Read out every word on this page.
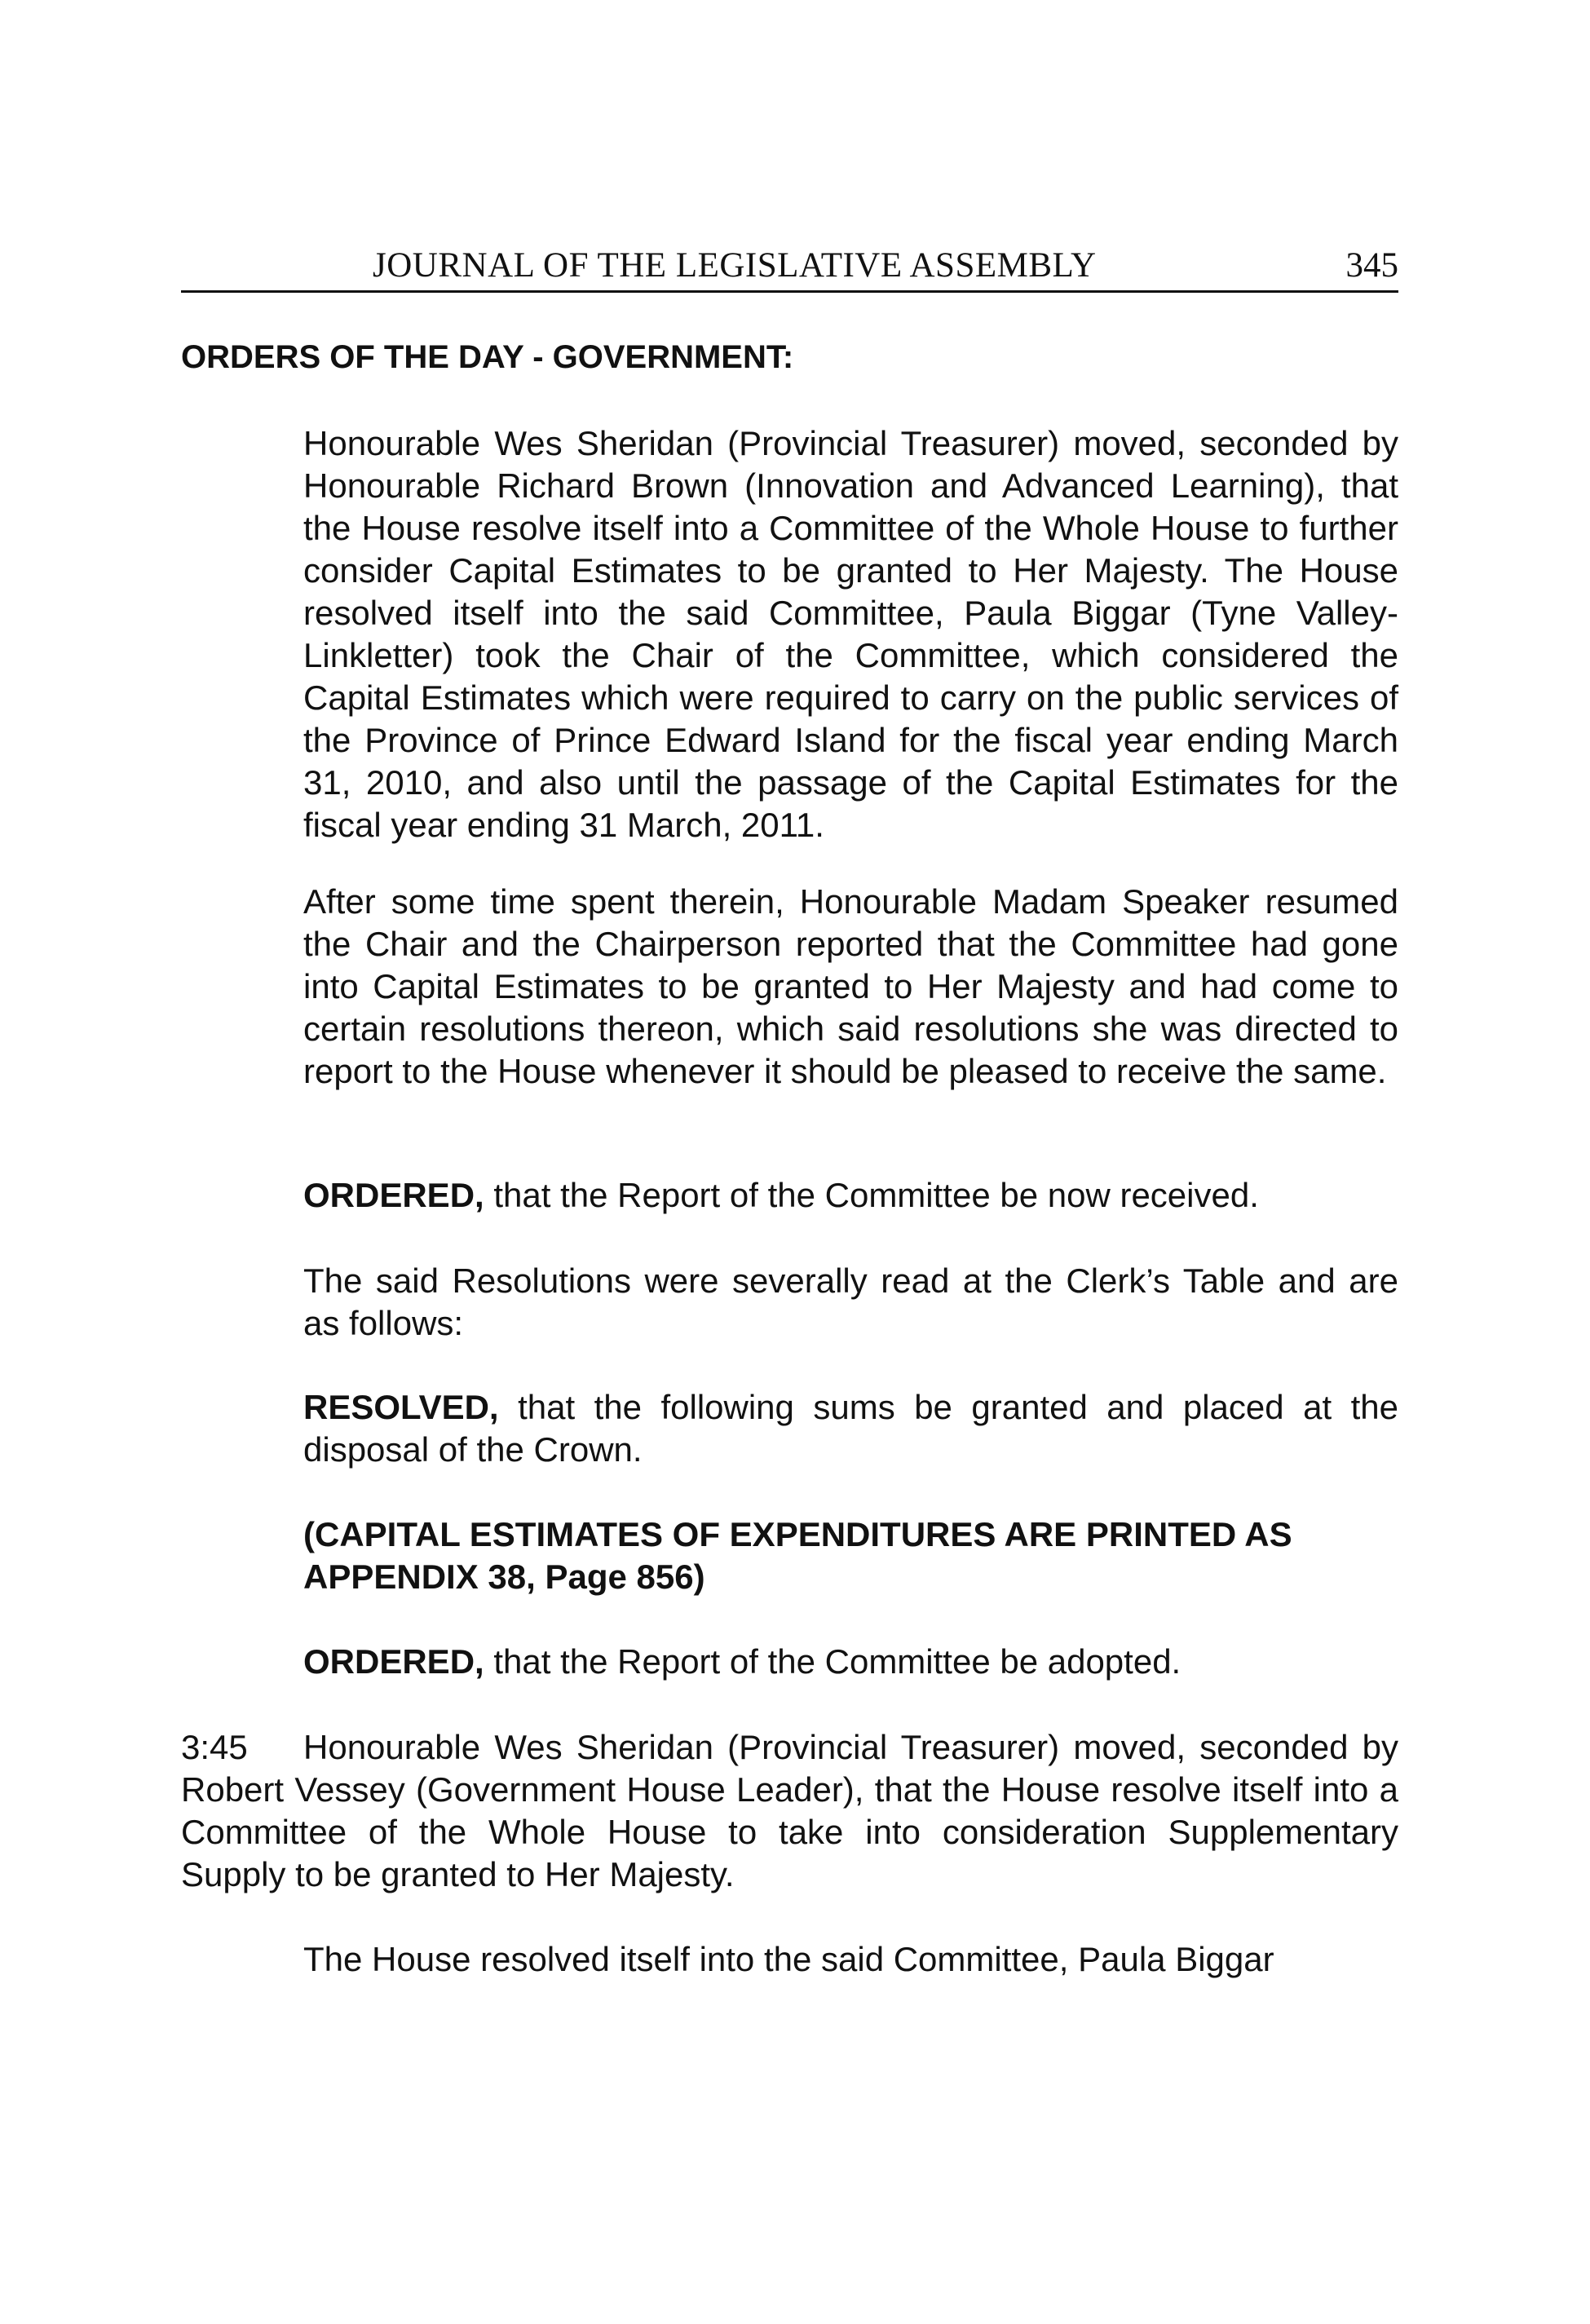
JOURNAL OF THE LEGISLATIVE ASSEMBLY	345
ORDERS OF THE DAY - GOVERNMENT:

Honourable Wes Sheridan (Provincial Treasurer) moved, seconded by Honourable Richard Brown (Innovation and Advanced Learning), that the House resolve itself into a Committee of the Whole House to further consider Capital Estimates to be granted to Her Majesty. The House resolved itself into the said Committee, Paula Biggar (Tyne Valley-Linkletter) took the Chair of the Committee, which considered the Capital Estimates which were required to carry on the public services of the Province of Prince Edward Island for the fiscal year ending March 31, 2010, and also until the passage of the Capital Estimates for the fiscal year ending 31 March, 2011.

After some time spent therein, Honourable Madam Speaker resumed the Chair and the Chairperson reported that the Committee had gone into Capital Estimates to be granted to Her Majesty and had come to certain resolutions thereon, which said resolutions she was directed to report to the House whenever it should be pleased to receive the same.

ORDERED, that the Report of the Committee be now received.

The said Resolutions were severally read at the Clerk’s Table and are as follows:

RESOLVED, that the following sums be granted and placed at the disposal of the Crown.

(CAPITAL ESTIMATES OF EXPENDITURES ARE PRINTED AS APPENDIX 38, Page 856)

ORDERED, that the Report of the Committee be adopted.

3:45 Honourable Wes Sheridan (Provincial Treasurer) moved, seconded by Robert Vessey (Government House Leader), that the House resolve itself into a Committee of the Whole House to take into consideration Supplementary Supply to be granted to Her Majesty.

The House resolved itself into the said Committee, Paula Biggar
